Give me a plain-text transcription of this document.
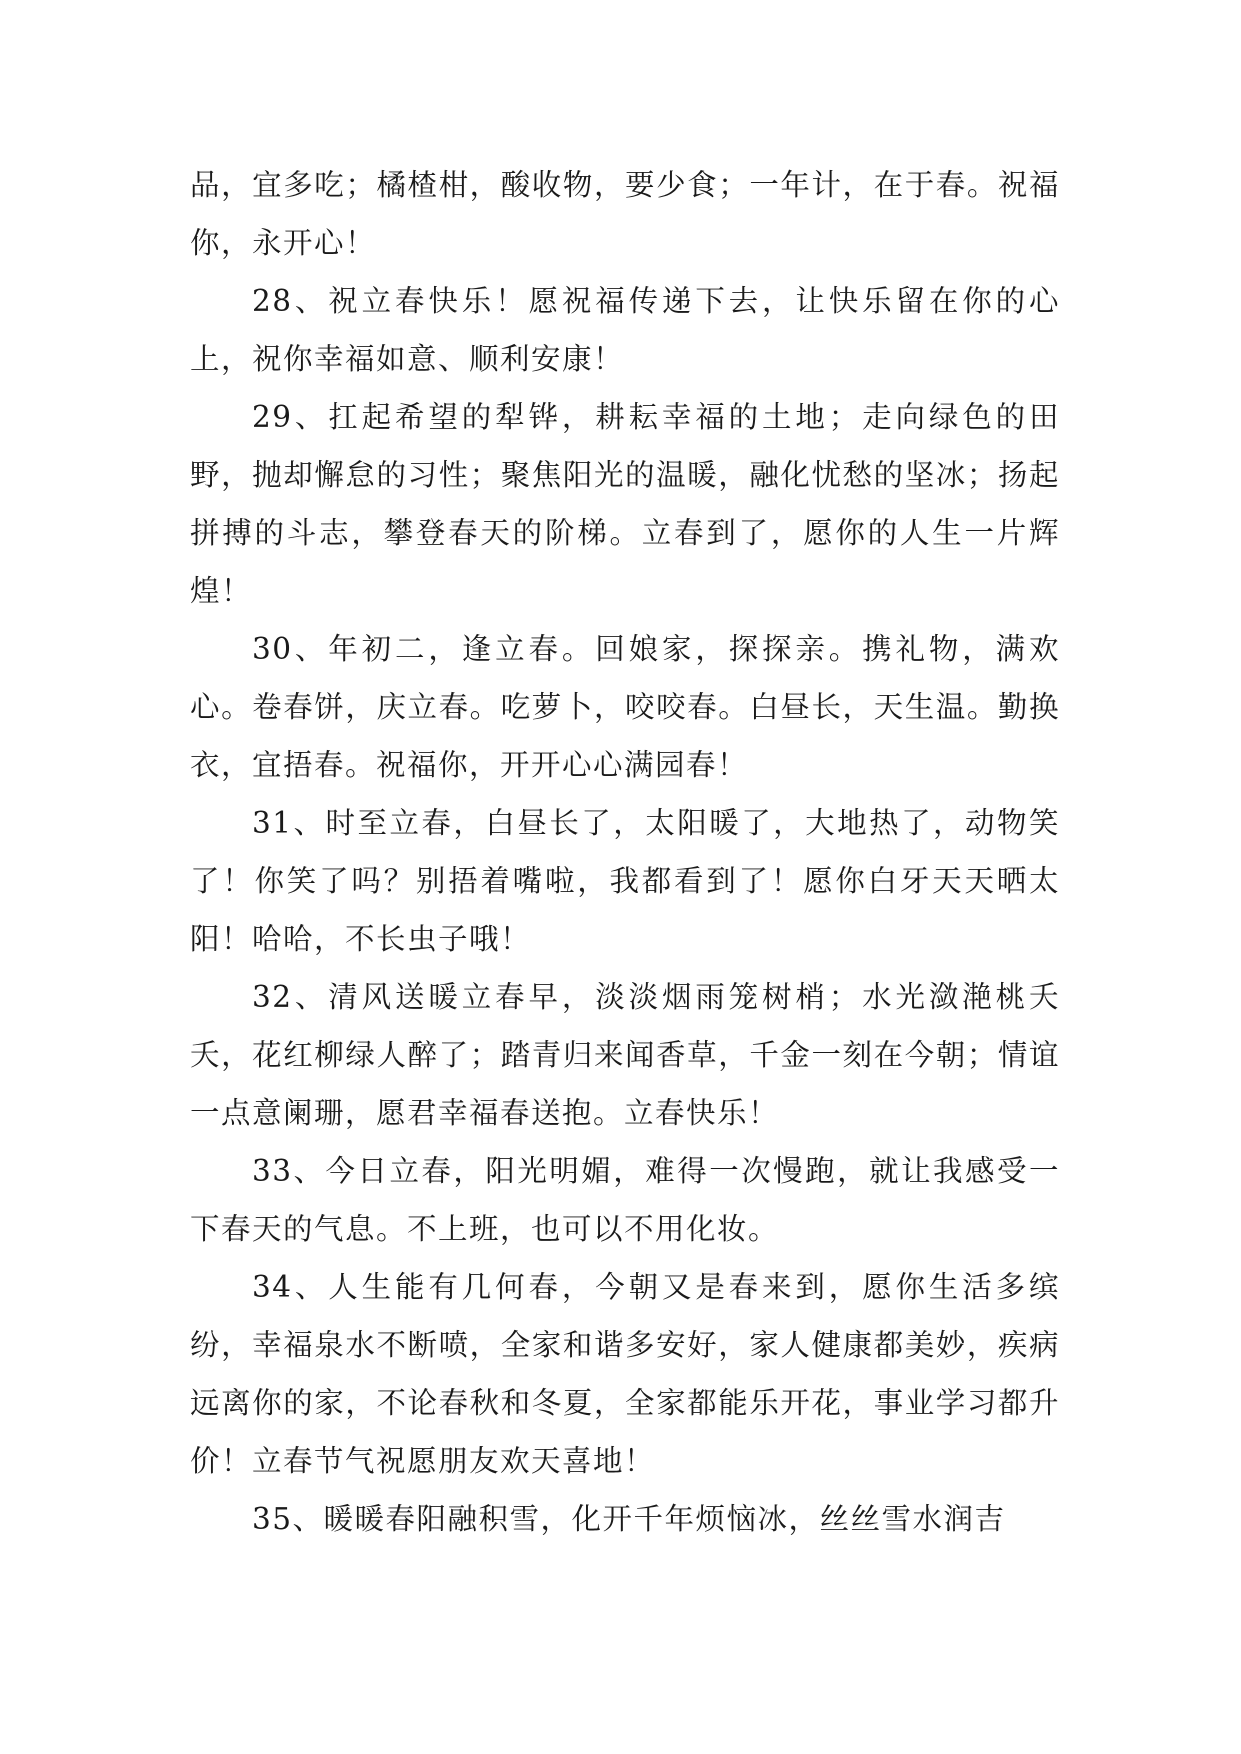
品，宜多吃；橘楂柑，酸收物，要少食；一年计，在于春。祝福你，永开心！

28、祝立春快乐！愿祝福传递下去，让快乐留在你的心上，祝你幸福如意、顺利安康！

29、扛起希望的犁铧，耕耘幸福的土地；走向绿色的田野，抛却懈怠的习性；聚焦阳光的温暖，融化忧愁的坚冰；扬起拼搏的斗志，攀登春天的阶梯。立春到了，愿你的人生一片辉煌！

30、年初二，逢立春。回娘家，探探亲。携礼物，满欢心。卷春饼，庆立春。吃萝卜，咬咬春。白昼长，天生温。勤换衣，宜捂春。祝福你，开开心心满园春！

31、时至立春，白昼长了，太阳暖了，大地热了，动物笑了！你笑了吗？别捂着嘴啦，我都看到了！愿你白牙天天晒太阳！哈哈，不长虫子哦！

32、清风送暖立春早，淡淡烟雨笼树梢；水光潋滟桃夭夭，花红柳绿人醉了；踏青归来闻香草，千金一刻在今朝；情谊一点意阑珊，愿君幸福春送抱。立春快乐！

33、今日立春，阳光明媚，难得一次慢跑，就让我感受一下春天的气息。不上班，也可以不用化妆。

34、人生能有几何春，今朝又是春来到，愿你生活多缤纷，幸福泉水不断喷，全家和谐多安好，家人健康都美妙，疾病远离你的家，不论春秋和冬夏，全家都能乐开花，事业学习都升价！立春节气祝愿朋友欢天喜地！

35、暖暖春阳融积雪，化开千年烦恼冰，丝丝雪水润吉
